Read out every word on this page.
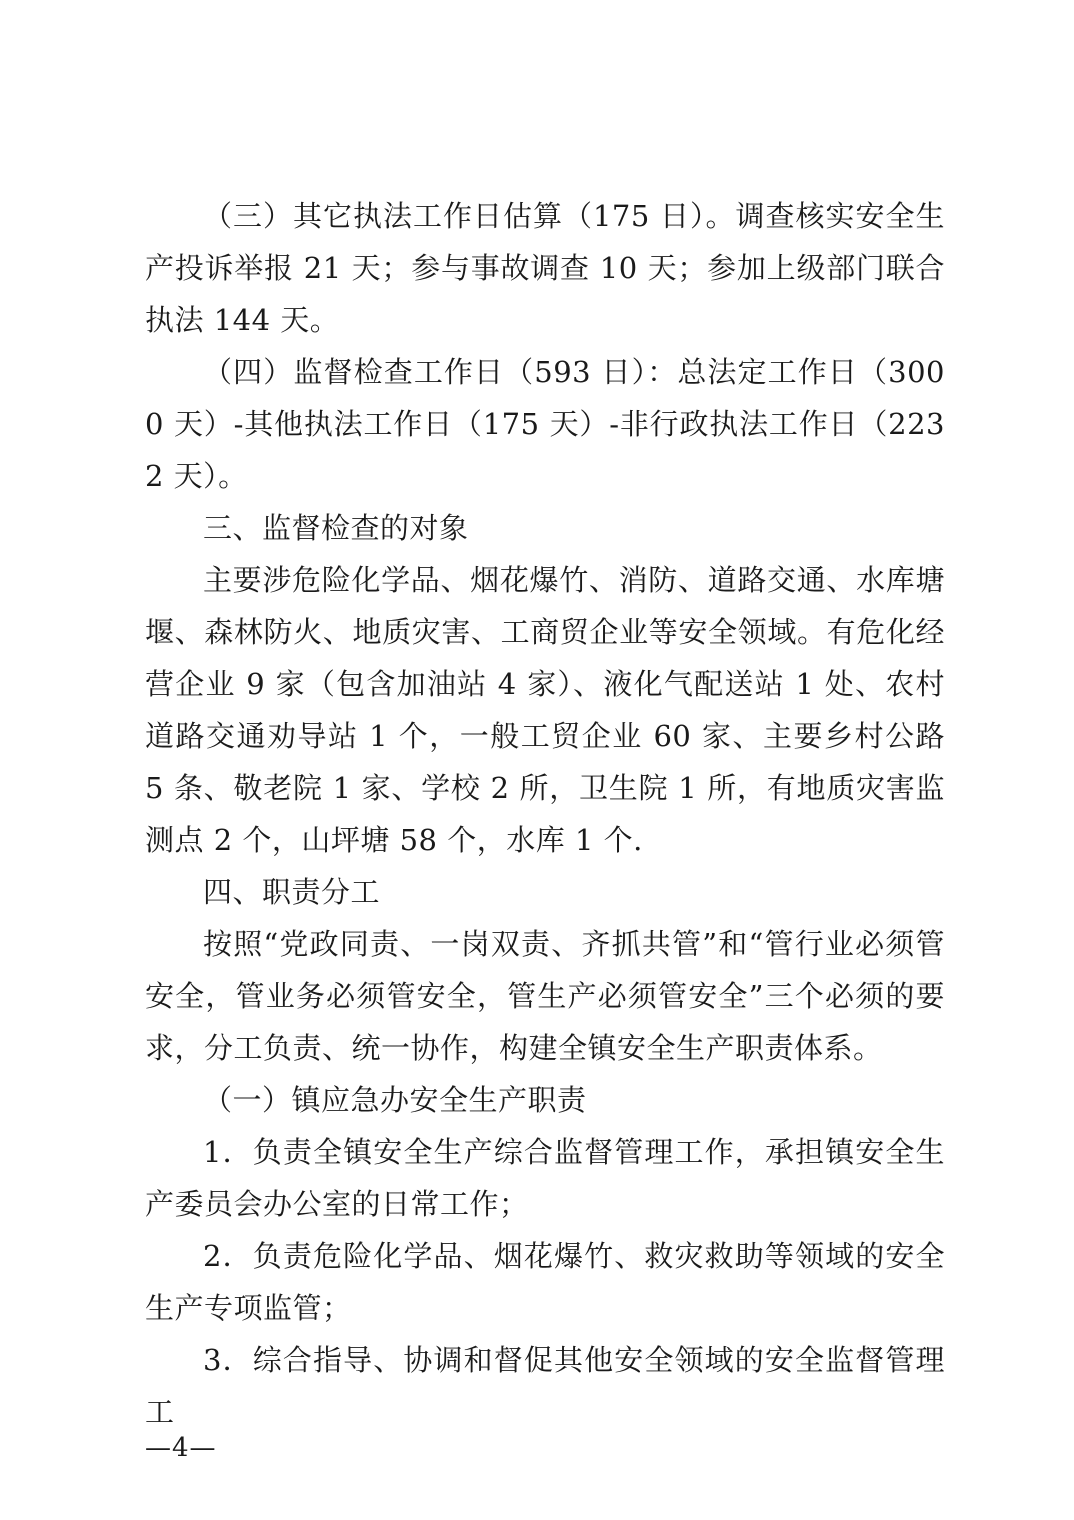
（三）其它执法工作日估算（175 日）。调查核实安全生产投诉举报 21 天；参与事故调查 10 天；参加上级部门联合执法 144 天。

（四）监督检查工作日（593 日）：总法定工作日（3000 天）-其他执法工作日（175 天）-非行政执法工作日（2232 天）。

三、监督检查的对象

主要涉危险化学品、烟花爆竹、消防、道路交通、水库塘堰、森林防火、地质灾害、工商贸企业等安全领域。有危化经营企业 9 家（包含加油站 4 家）、液化气配送站 1 处、农村道路交通劝导站 1 个，一般工贸企业 60 家、主要乡村公路 5 条、敬老院 1 家、学校 2 所，卫生院 1 所，有地质灾害监测点 2 个，山坪塘 58 个，水库 1 个.

四、职责分工

按照“党政同责、一岗双责、齐抓共管”和“管行业必须管安全，管业务必须管安全，管生产必须管安全”三个必须的要求，分工负责、统一协作，构建全镇安全生产职责体系。

（一）镇应急办安全生产职责

1．负责全镇安全生产综合监督管理工作，承担镇安全生产委员会办公室的日常工作；

2．负责危险化学品、烟花爆竹、救灾救助等领域的安全生产专项监管；

3．综合指导、协调和督促其他安全领域的安全监督管理工

—4—
